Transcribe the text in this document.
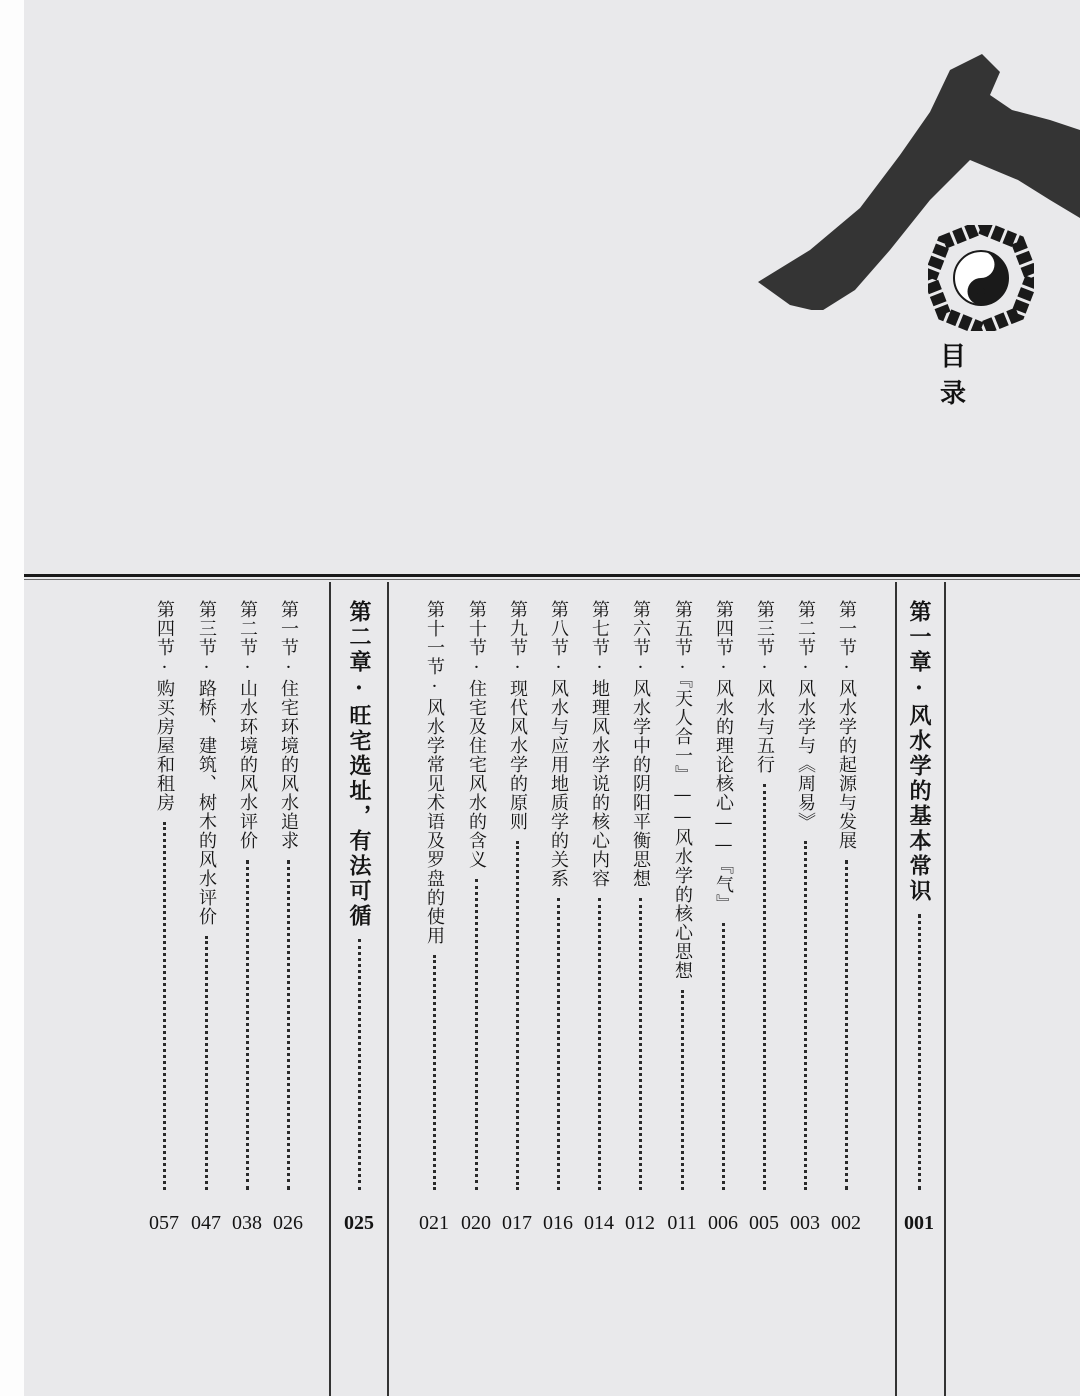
目 录
第一章·风水学的基本常识
001
第一节·风水学的起源与发展
002
第二节·风水学与《周易》
003
第三节·风水与五行
005
第四节·风水的理论核心——『气』
006
第五节·『天人合一』——风水学的核心思想
011
第六节·风水学中的阴阳平衡思想
012
第七节·地理风水学说的核心内容
014
第八节·风水与应用地质学的关系
016
第九节·现代风水学的原则
017
第十节·住宅及住宅风水的含义
020
第十一节·风水学常见术语及罗盘的使用
021
第二章·旺宅选址，有法可循
025
第一节·住宅环境的风水追求
026
第二节·山水环境的风水评价
038
第三节·路桥、建筑、树木的风水评价
047
第四节·购买房屋和租房
057
